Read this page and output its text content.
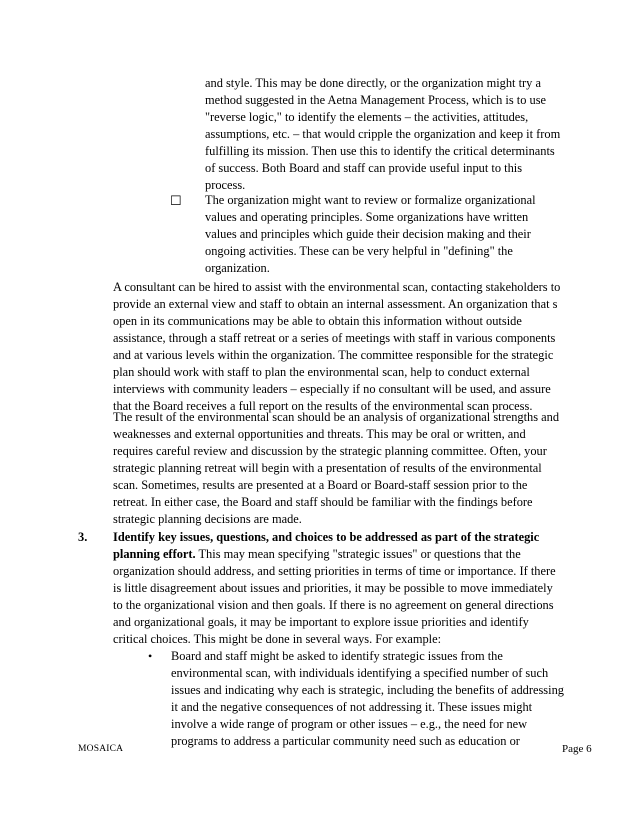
and style. This may be done directly, or the organization might try a method suggested in the Aetna Management Process, which is to use "reverse logic," to identify the elements – the activities, attitudes, assumptions, etc. – that would cripple the organization and keep it from fulfilling its mission. Then use this to identify the critical determinants of success. Both Board and staff can provide useful input to this process.
☐ The organization might want to review or formalize organizational values and operating principles. Some organizations have written values and principles which guide their decision making and their ongoing activities. These can be very helpful in "defining" the organization.
A consultant can be hired to assist with the environmental scan, contacting stakeholders to provide an external view and staff to obtain an internal assessment. An organization that s open in its communications may be able to obtain this information without outside assistance, through a staff retreat or a series of meetings with staff in various components and at various levels within the organization. The committee responsible for the strategic plan should work with staff to plan the environmental scan, help to conduct external interviews with community leaders – especially if no consultant will be used, and assure that the Board receives a full report on the results of the environmental scan process.
The result of the environmental scan should be an analysis of organizational strengths and weaknesses and external opportunities and threats. This may be oral or written, and requires careful review and discussion by the strategic planning committee. Often, your strategic planning retreat will begin with a presentation of results of the environmental scan. Sometimes, results are presented at a Board or Board-staff session prior to the retreat. In either case, the Board and staff should be familiar with the findings before strategic planning decisions are made.
3. Identify key issues, questions, and choices to be addressed as part of the strategic planning effort. This may mean specifying "strategic issues" or questions that the organization should address, and setting priorities in terms of time or importance. If there is little disagreement about issues and priorities, it may be possible to move immediately to the organizational vision and then goals. If there is no agreement on general directions and organizational goals, it may be important to explore issue priorities and identify critical choices. This might be done in several ways. For example:
• Board and staff might be asked to identify strategic issues from the environmental scan, with individuals identifying a specified number of such issues and indicating why each is strategic, including the benefits of addressing it and the negative consequences of not addressing it. These issues might involve a wide range of program or other issues – e.g., the need for new programs to address a particular community need such as education or
MOSAICA	Page 6
